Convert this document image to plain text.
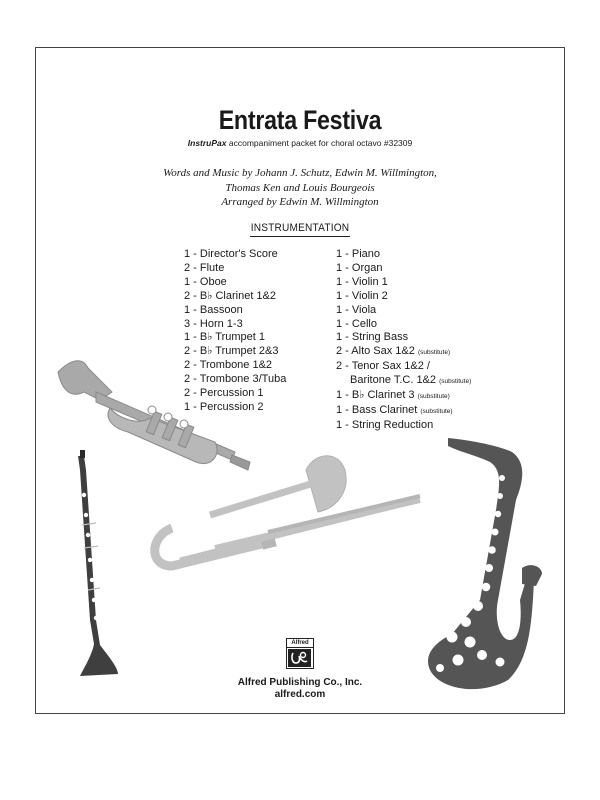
Entrata Festiva
InstruPax accompaniment packet for choral octavo #32309
Words and Music by Johann J. Schutz, Edwin M. Willmington,
Thomas Ken and Louis Bourgeois
Arranged by Edwin M. Willmington
INSTRUMENTATION
1 - Director's Score
2 - Flute
1 - Oboe
2 - B♭ Clarinet 1&2
1 - Bassoon
3 - Horn 1-3
1 - B♭ Trumpet 1
2 - B♭ Trumpet 2&3
2 - Trombone 1&2
2 - Trombone 3/Tuba
2 - Percussion 1
1 - Percussion 2
1 - Piano
1 - Organ
1 - Violin 1
1 - Violin 2
1 - Viola
1 - Cello
1 - String Bass
2 - Alto Sax 1&2 (substitute)
2 - Tenor Sax 1&2 /
Baritone T.C. 1&2 (substitute)
1 - B♭ Clarinet 3 (substitute)
1 - Bass Clarinet (substitute)
1 - String Reduction
Alfred
Alfred Publishing Co., Inc.
alfred.com
